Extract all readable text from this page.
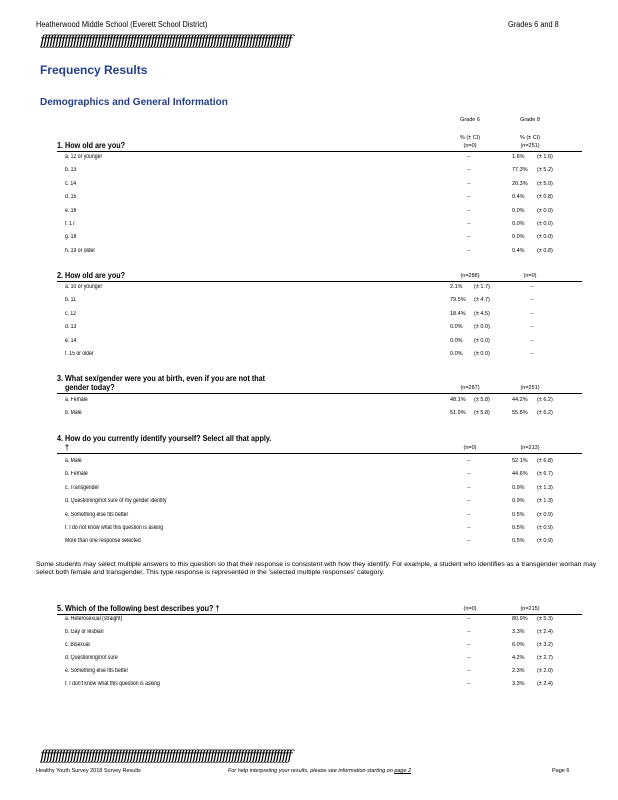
Heatherwood Middle School (Everett School District)	Grades 6 and 8
ƒƒƒƒƒƒƒƒƒƒƒƒƒƒƒƒƒƒƒƒƒƒƒƒƒƒƒƒƒƒƒƒƒƒƒƒƒƒƒƒƒƒƒƒƒƒƒƒƒƒƒƒƒƒƒƒƒƒƒƒƒƒƒƒƒƒƒƒƒƒƒƒƒƒƒƒƒƒƒƒƒƒƒƒ
Frequency Results
Demographics and General Information
Grade 6	Grade 8
% (± CI)	% (± CI)
1. How old are you?	(n=0)	(n=251)
a. 12 or younger	--	1.6% (± 1.6)
b. 13	--	77.3% (± 5.2)
c. 14	--	20.3% (± 5.0)
d. 15	--	0.4% (± 0.8)
e. 16	--	0.0% (± 0.0)
f. 17	--	0.0% (± 0.0)
g. 18	--	0.0% (± 0.0)
h. 19 or older	--	0.4% (± 0.8)
2. How old are you?	(n=288)	(n=0)
a. 10 or younger	2.1% (± 1.7)	--
b. 11	79.5% (± 4.7)	--
c. 12	18.4% (± 4.5)	--
d. 13	0.0% (± 0.0)	--
e. 14	0.0% (± 0.0)	--
f. 15 or older	0.0% (± 0.0)	--
3. What sex/gender were you at birth, even if you are not that
gender today?	(n=287)	(n=251)
a. Female	48.1% (± 5.8)	44.2% (± 6.2)
b. Male	51.9% (± 5.8)	55.8% (± 6.2)
4. How do you currently identify yourself? Select all that apply.
†	(n=0)	(n=213)
a. Male	--	52.1% (± 6.8)
b. Female	--	44.6% (± 6.7)
c. Transgender	--	0.9% (± 1.3)
d. Questioning/not sure of my gender identity	--	0.9% (± 1.3)
e. Something else fits better	--	0.5% (± 0.9)
f. I do not know what this question is asking	--	0.5% (± 0.9)
More than one response selected	--	0.5% (± 0.9)
5. Which of the following best describes you? †	(n=0)	(n=215)
a. Heterosexual (straight)	--	80.9% (± 5.3)
b. Gay or lesbian	--	3.3% (± 2.4)
c. Bisexual	--	6.0% (± 3.2)
d. Questioning/not sure	--	4.2% (± 2.7)
e. Something else fits better	--	2.3% (± 2.0)
f. I don't know what this question is asking	--	3.3% (± 2.4)
Some students may select multiple answers to this question so that their response is consistent with how they identify. For example, a student who identifies as a transgender woman may select both female and transgender. This type response is represented in the 'selected multiple responses' category.
ƒƒƒƒƒƒƒƒƒƒƒƒƒƒƒƒƒƒƒƒƒƒƒƒƒƒƒƒƒƒƒƒƒƒƒƒƒƒƒƒƒƒƒƒƒƒƒƒƒƒƒƒƒƒƒƒƒƒƒƒƒƒƒƒƒƒƒƒƒƒƒƒƒƒƒƒƒƒƒƒƒƒƒƒ
Healthy Youth Survey 2018 Survey Results	For help interpreting your results, please see information starting on page 2	Page 6
